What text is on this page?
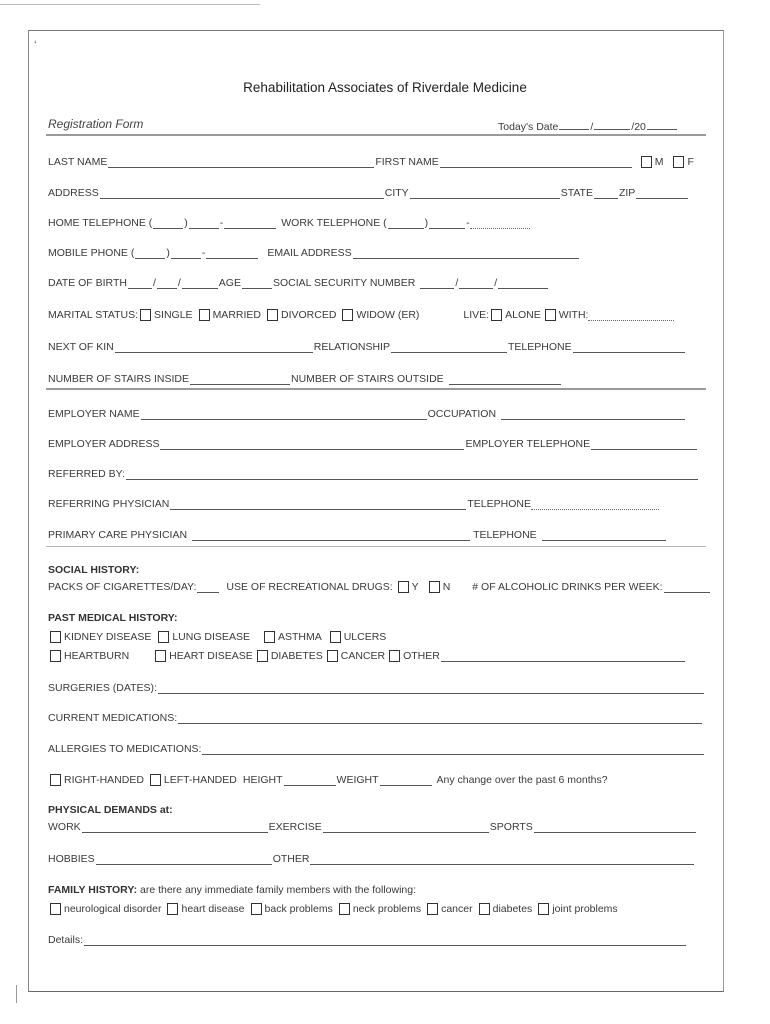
‘
Rehabilitation Associates of Riverdale Medicine
Registration Form	Today's Date	/	/20
LAST NAME	FIRST NAME	M F
ADDRESS	CITY	STATE ZIP
HOME TELEPHONE (	)	-	WORK TELEPHONE (	)	-
MOBILE PHONE (	)	-	EMAIL ADDRESS
DATE OF BIRTH / /	AGE	SOCIAL SECURITY NUMBER	/	/
MARITAL STATUS: SINGLE MARRIED DIVORCED WIDOW (ER)	LIVE: ALONE WITH:
NEXT OF KIN	RELATIONSHIP	TELEPHONE
NUMBER OF STAIRS INSIDE	NUMBER OF STAIRS OUTSIDE
EMPLOYER NAME	OCCUPATION
EMPLOYER ADDRESS	EMPLOYER TELEPHONE
REFERRED BY:
REFERRING PHYSICIAN	TELEPHONE
PRIMARY CARE PHYSICIAN	TELEPHONE
SOCIAL HISTORY:
PACKS OF CIGARETTES/DAY:	USE OF RECREATIONAL DRUGS: Y N # OF ALCOHOLIC DRINKS PER WEEK:
PAST MEDICAL HISTORY:
KIDNEY DISEASE LUNG DISEASE	ASTHMA ULCERS
HEARTBURN	HEART DISEASE DIABETES CANCER OTHER
SURGERIES (DATES):
CURRENT MEDICATIONS:
ALLERGIES TO MEDICATIONS:
RIGHT-HANDED LEFT-HANDED HEIGHT	WEIGHT	Any change over the past 6 months?
PHYSICAL DEMANDS at:
WORK	EXERCISE	SPORTS
HOBBIES	OTHER
FAMILY HISTORY: are there any immediate family members with the following:
neurological disorder heart disease back problems neck problems cancer diabetes joint problems
Details:
